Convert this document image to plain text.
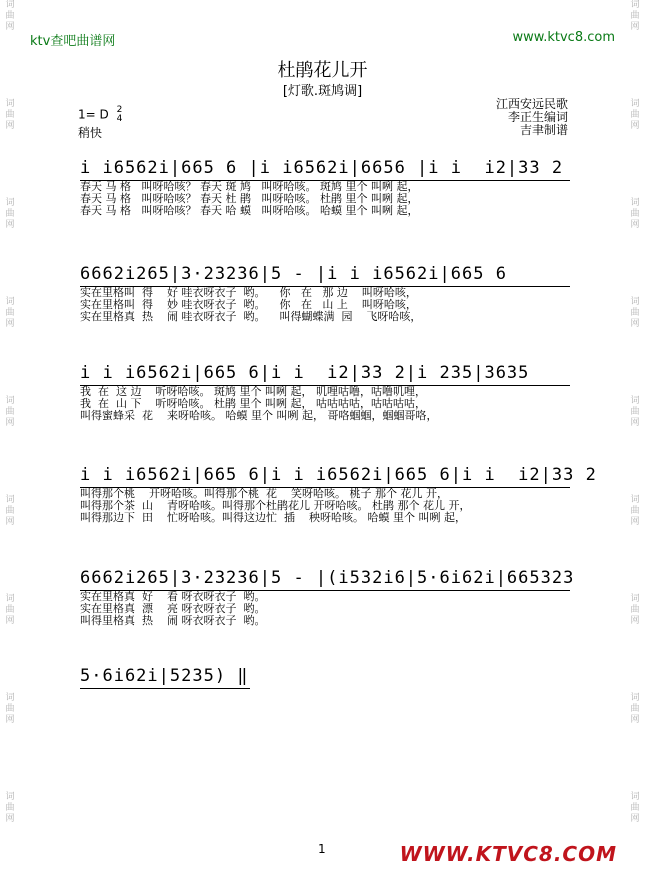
词
曲
网
词
曲
网
词
曲
网
词
曲
网
词
曲
网
词
曲
网
词
曲
网
词
曲
网
词
曲
网
词
曲
网
词
曲
网
词
曲
网
词
曲
网
词
曲
网
词
曲
网
词
曲
网
词
曲
网
词
曲
网
ktv查吧曲谱网	www.ktvc8.com
杜鹃花儿开
[灯歌.斑鸠调]
1= D 2
4
稍快
江西安远民歌
李正生编词
吉聿制谱
i i6562i|665 6 |i i6562i|6656 |i i  i2|33 2
春天 马 格   叫呀哈咳？ 春天 斑 鸠   叫呀哈咳。 斑鸠 里个 叫咧 起，
春天 马 格   叫呀哈咳？ 春天 杜 鹃   叫呀哈咳。 杜鹃 里个 叫咧 起，
春天 马 格   叫呀哈咳？ 春天 哈 蟆   叫呀哈咳。 哈蟆 里个 叫咧 起，
6662i265|3·23236|5 - |i i i6562i|665 6
实在里格叫  得    好 哇衣呀衣子  哟。    你   在   那 边    叫呀哈咳，
实在里格叫  得    妙 哇衣呀衣子  哟。    你   在   山 上    叫呀哈咳，
实在里格真  热    闹 哇衣呀衣子  哟。    叫得蝴蝶满  园    飞呀哈咳，
i i i6562i|665 6|i i  i2|33 2|i 235|3635
我  在  这 边    听呀哈咳。 斑鸠 里个 叫咧 起， 叽哩咕噜，咕噜叽哩，
我  在  山 下    听呀哈咳。 杜鹃 里个 叫咧 起， 咕咕咕咕，咕咕咕咕，
叫得蜜蜂采  花    来呀哈咳。 哈蟆 里个 叫咧 起， 哥咯蝈蝈，蝈蝈哥咯，
i i i6562i|665 6|i i i6562i|665 6|i i  i2|33 2
叫得那个桃    开呀哈咳。叫得那个桃  花    笑呀哈咳。 桃子 那个 花儿 开，
叫得那个茶  山    青呀哈咳。叫得那个杜鹃花儿 开呀哈咳。 杜鹃 那个 花儿 开，
叫得那边下  田    忙呀哈咳。叫得这边忙  插    秧呀哈咳。 哈蟆 里个 叫咧 起，
6662i265|3·23236|5 - |(i532i6|5·6i62i|665323
实在里格真  好    看 呀衣呀衣子  哟。
实在里格真  漂    亮 呀衣呀衣子  哟。
叫得里格真  热    闹 呀衣呀衣子  哟。
5·6i62i|5235) ‖
1	WWW.KTVC8.COM
